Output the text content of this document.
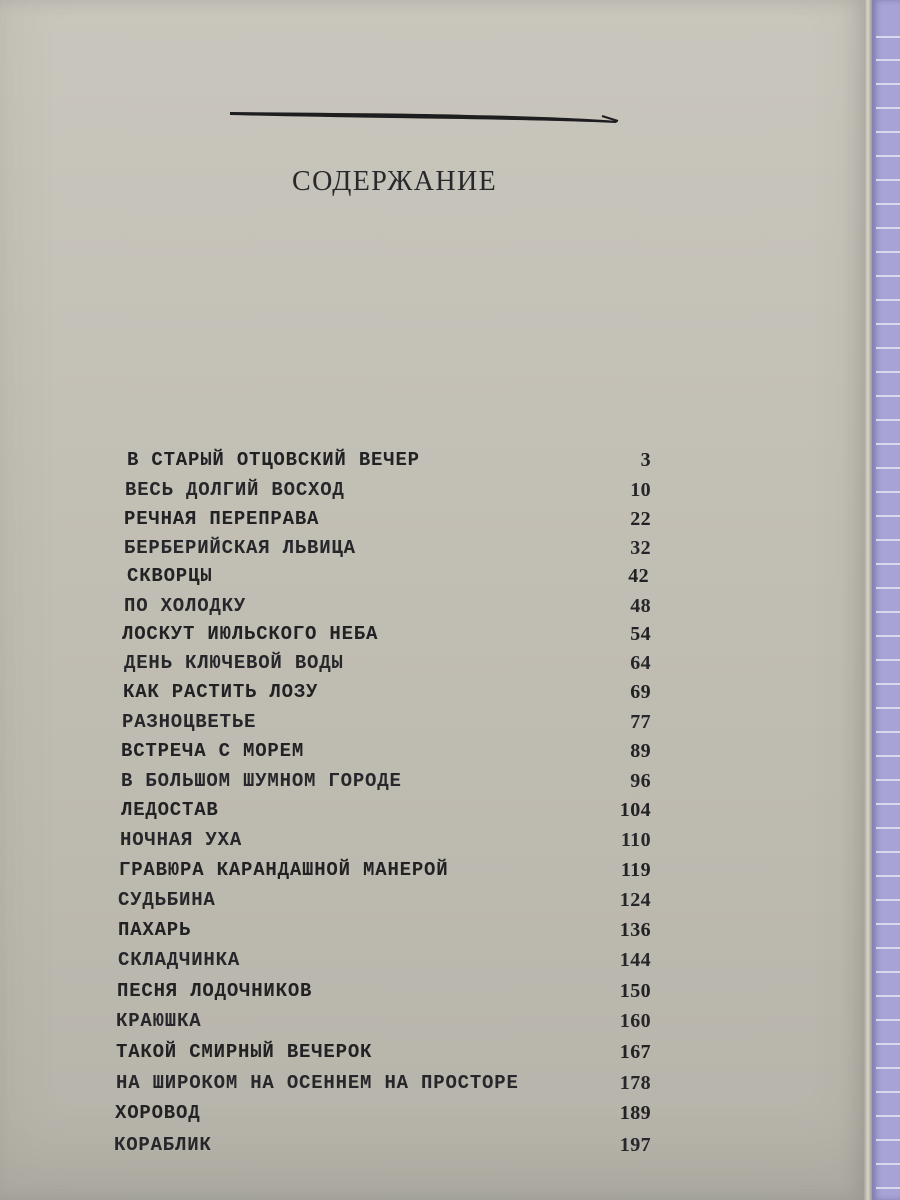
СОДЕРЖАНИЕ
В СТАРЫЙ ОТЦОВСКИЙ ВЕЧЕР	3
ВЕСЬ ДОЛГИЙ ВОСХОД	10
РЕЧНАЯ ПЕРЕПРАВА	22
БЕРБЕРИЙСКАЯ ЛЬВИЦА	32
СКВОРЦЫ	42
ПО ХОЛОДКУ	48
ЛОСКУТ ИЮЛЬСКОГО НЕБА	54
ДЕНЬ КЛЮЧЕВОЙ ВОДЫ	64
КАК РАСТИТЬ ЛОЗУ	69
РАЗНОЦВЕТЬЕ	77
ВСТРЕЧА С МОРЕМ	89
В БОЛЬШОМ ШУМНОМ ГОРОДЕ	96
ЛЕДОСТАВ	104
НОЧНАЯ УХА	110
ГРАВЮРА КАРАНДАШНОЙ МАНЕРОЙ	119
СУДЬБИНА	124
ПАХАРЬ	136
СКЛАДЧИНКА	144
ПЕСНЯ ЛОДОЧНИКОВ	150
КРАЮШКА	160
ТАКОЙ СМИРНЫЙ ВЕЧЕРОК	167
НА ШИРОКОМ НА ОСЕННЕМ НА ПРОСТОРЕ	178
ХОРОВОД	189
КОРАБЛИК	197
